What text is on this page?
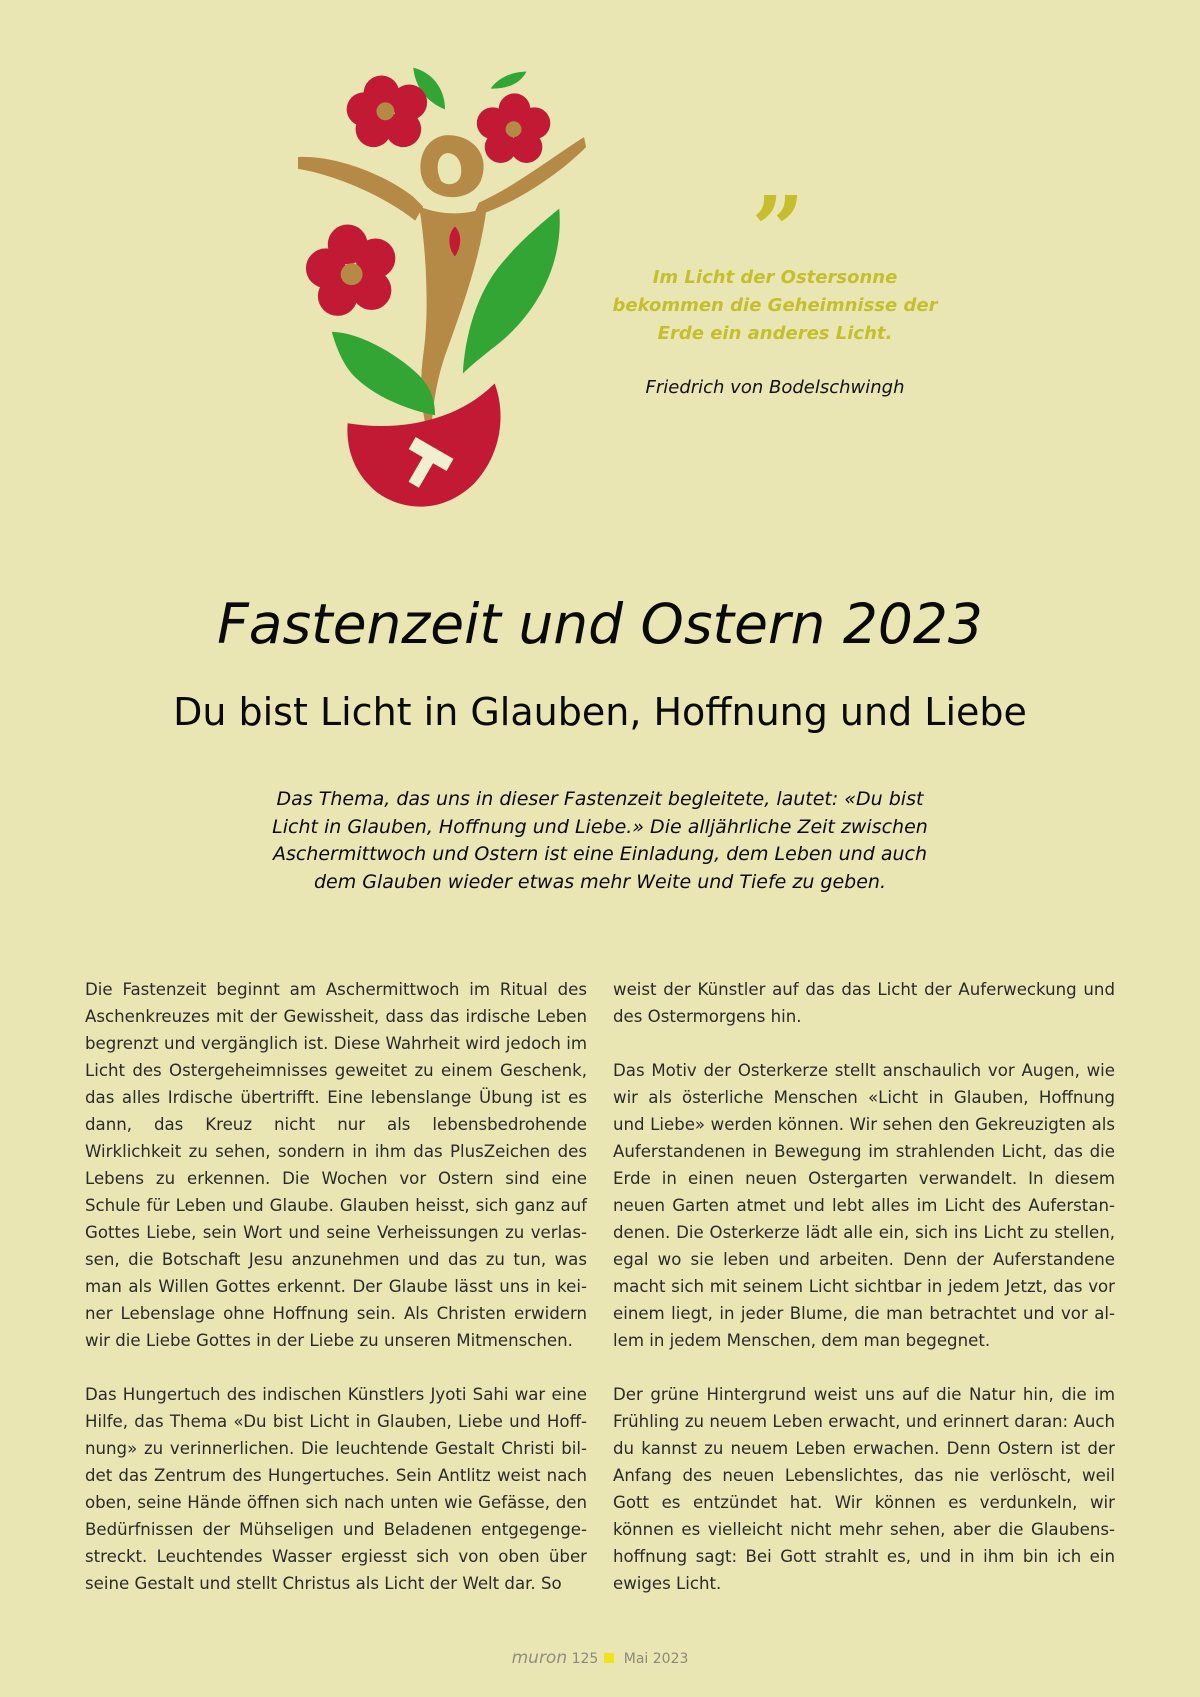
”
Im Licht der Ostersonne bekommen die Geheimnisse der Erde ein anderes Licht.
Friedrich von Bodelschwingh
Fastenzeit und Ostern 2023
Du bist Licht in Glauben, Hoffnung und Liebe
Das Thema, das uns in dieser Fastenzeit begleitete, lautet: «Du bist Licht in Glauben, Hoffnung und Liebe.» Die alljährliche Zeit zwischen Aschermittwoch und Ostern ist eine Einladung, dem Leben und auch dem Glauben wieder etwas mehr Weite und Tiefe zu geben.

Die Fastenzeit beginnt am Aschermittwoch im Ritual des Aschenkreuzes mit der Gewissheit, dass das irdische Leben begrenzt und vergänglich ist. Diese Wahrheit wird jedoch im Licht des Ostergeheimnisses geweitet zu einem Geschenk, das alles Irdische übertrifft. Eine lebenslange Übung ist es dann, das Kreuz nicht nur als lebensbedrohende Wirklichkeit zu sehen, sondern in ihm das PlusZeichen des Lebens zu erkennen. Die Wochen vor Ostern sind eine Schule für Leben und Glaube. Glauben heisst, sich ganz auf Gottes Liebe, sein Wort und seine Verheissungen zu verlassen, die Botschaft Jesu anzunehmen und das zu tun, was man als Willen Gottes erkennt. Der Glaube lässt uns in keiner Lebenslage ohne Hoffnung sein. Als Christen erwidern wir die Liebe Gottes in der Liebe zu unseren Mitmenschen.

Das Hungertuch des indischen Künstlers Jyoti Sahi war eine Hilfe, das Thema «Du bist Licht in Glauben, Liebe und Hoffnung» zu verinnerlichen. Die leuchtende Gestalt Christi bildet das Zentrum des Hungertuches. Sein Antlitz weist nach oben, seine Hände öffnen sich nach unten wie Gefässe, den Bedürfnissen der Mühseligen und Beladenen entgegengestreckt. Leuchtendes Wasser ergiesst sich von oben über seine Gestalt und stellt Christus als Licht der Welt dar. So

weist der Künstler auf das das Licht der Auferweckung und des Ostermorgens hin.

Das Motiv der Osterkerze stellt anschaulich vor Augen, wie wir als österliche Menschen «Licht in Glauben, Hoffnung und Liebe» werden können. Wir sehen den Gekreuzigten als Auferstandenen in Bewegung im strahlenden Licht, das die Erde in einen neuen Ostergarten verwandelt. In diesem neuen Garten atmet und lebt alles im Licht des Auferstandenen. Die Osterkerze lädt alle ein, sich ins Licht zu stellen, egal wo sie leben und arbeiten. Denn der Auferstandene macht sich mit seinem Licht sichtbar in jedem Jetzt, das vor einem liegt, in jeder Blume, die man betrachtet und vor allem in jedem Menschen, dem man begegnet.

Der grüne Hintergrund weist uns auf die Natur hin, die im Frühling zu neuem Leben erwacht, und erinnert daran: Auch du kannst zu neuem Leben erwachen. Denn Ostern ist der Anfang des neuen Lebenslichtes, das nie verlöscht, weil Gott es entzündet hat. Wir können es verdunkeln, wir können es vielleicht nicht mehr sehen, aber die Glaubenshoffnung sagt: Bei Gott strahlt es, und in ihm bin ich ein ewiges Licht.

muron 125 Mai 2023
